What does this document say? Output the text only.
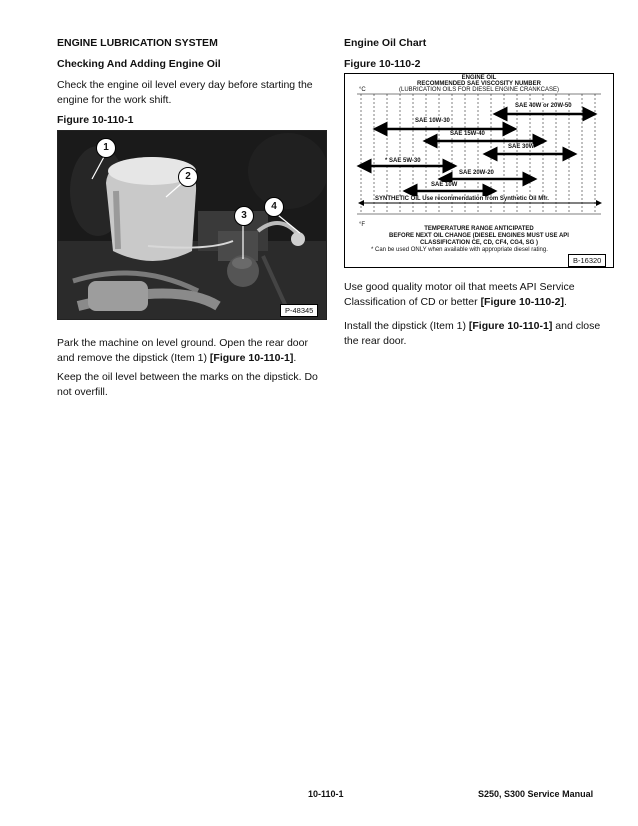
ENGINE LUBRICATION SYSTEM
Checking And Adding Engine Oil
Check the engine oil level every day before starting the engine for the work shift.
Figure 10-110-1
1
2
3
4
P-48345
Park the machine on level ground. Open the rear door and remove the dipstick (Item 1) [Figure 10-110-1].
Keep the oil level between the marks on the dipstick. Do not overfill.
Engine Oil Chart
Figure 10-110-2
ENGINE OIL
RECOMMENDED SAE VISCOSITY NUMBER
(LUBRICATION OILS FOR DIESEL ENGINE CRANKCASE)
°C
°F
SAE 40W or 20W-50
SAE 10W-30
SAE 15W-40
SAE 30W
* SAE 5W-30
SAE 20W-20
SAE 10W
SYNTHETIC OIL Use recommendation from Synthetic Oil Mfr.
TEMPERATURE RANGE ANTICIPATED
BEFORE NEXT OIL CHANGE (DIESEL ENGINES MUST USE API
CLASSIFICATION CE, CD, CF4, CG4, SG )
* Can be used ONLY when available with appropriate diesel rating.
B-16320
Use good quality motor oil that meets API Service Classification of CD or better [Figure 10-110-2].
Install the dipstick (Item 1) [Figure 10-110-1] and close the rear door.
10-110-1	S250, S300 Service Manual
